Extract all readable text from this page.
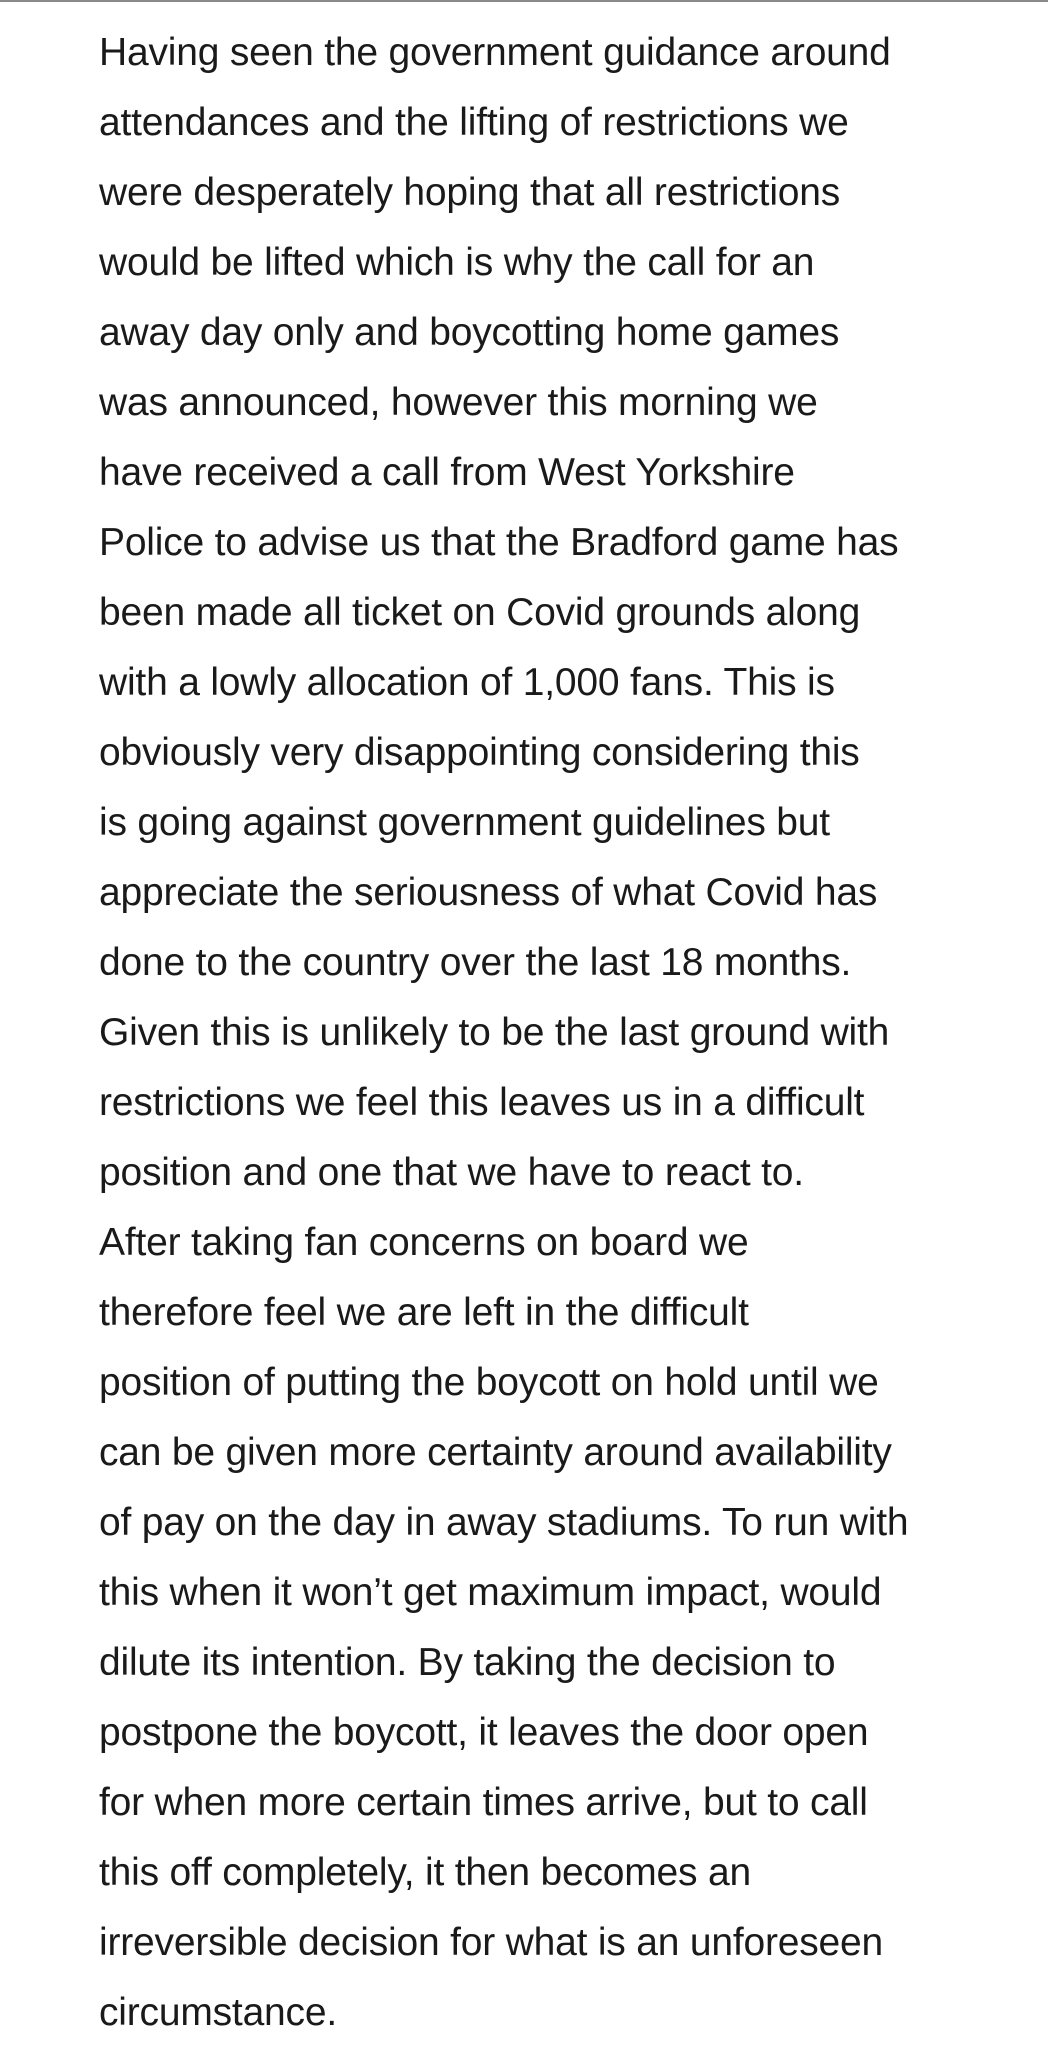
Having seen the government guidance around
attendances and the lifting of restrictions we
were desperately hoping that all restrictions
would be lifted which is why the call for an
away day only and boycotting home games
was announced, however this morning we
have received a call from West Yorkshire
Police to advise us that the Bradford game has
been made all ticket on Covid grounds along
with a lowly allocation of 1,000 fans. This is
obviously very disappointing considering this
is going against government guidelines but
appreciate the seriousness of what Covid has
done to the country over the last 18 months.
Given this is unlikely to be the last ground with
restrictions we feel this leaves us in a difficult
position and one that we have to react to.
After taking fan concerns on board we
therefore feel we are left in the difficult
position of putting the boycott on hold until we
can be given more certainty around availability
of pay on the day in away stadiums. To run with
this when it won’t get maximum impact, would
dilute its intention. By taking the decision to
postpone the boycott, it leaves the door open
for when more certain times arrive, but to call
this off completely, it then becomes an
irreversible decision for what is an unforeseen
circumstance.
